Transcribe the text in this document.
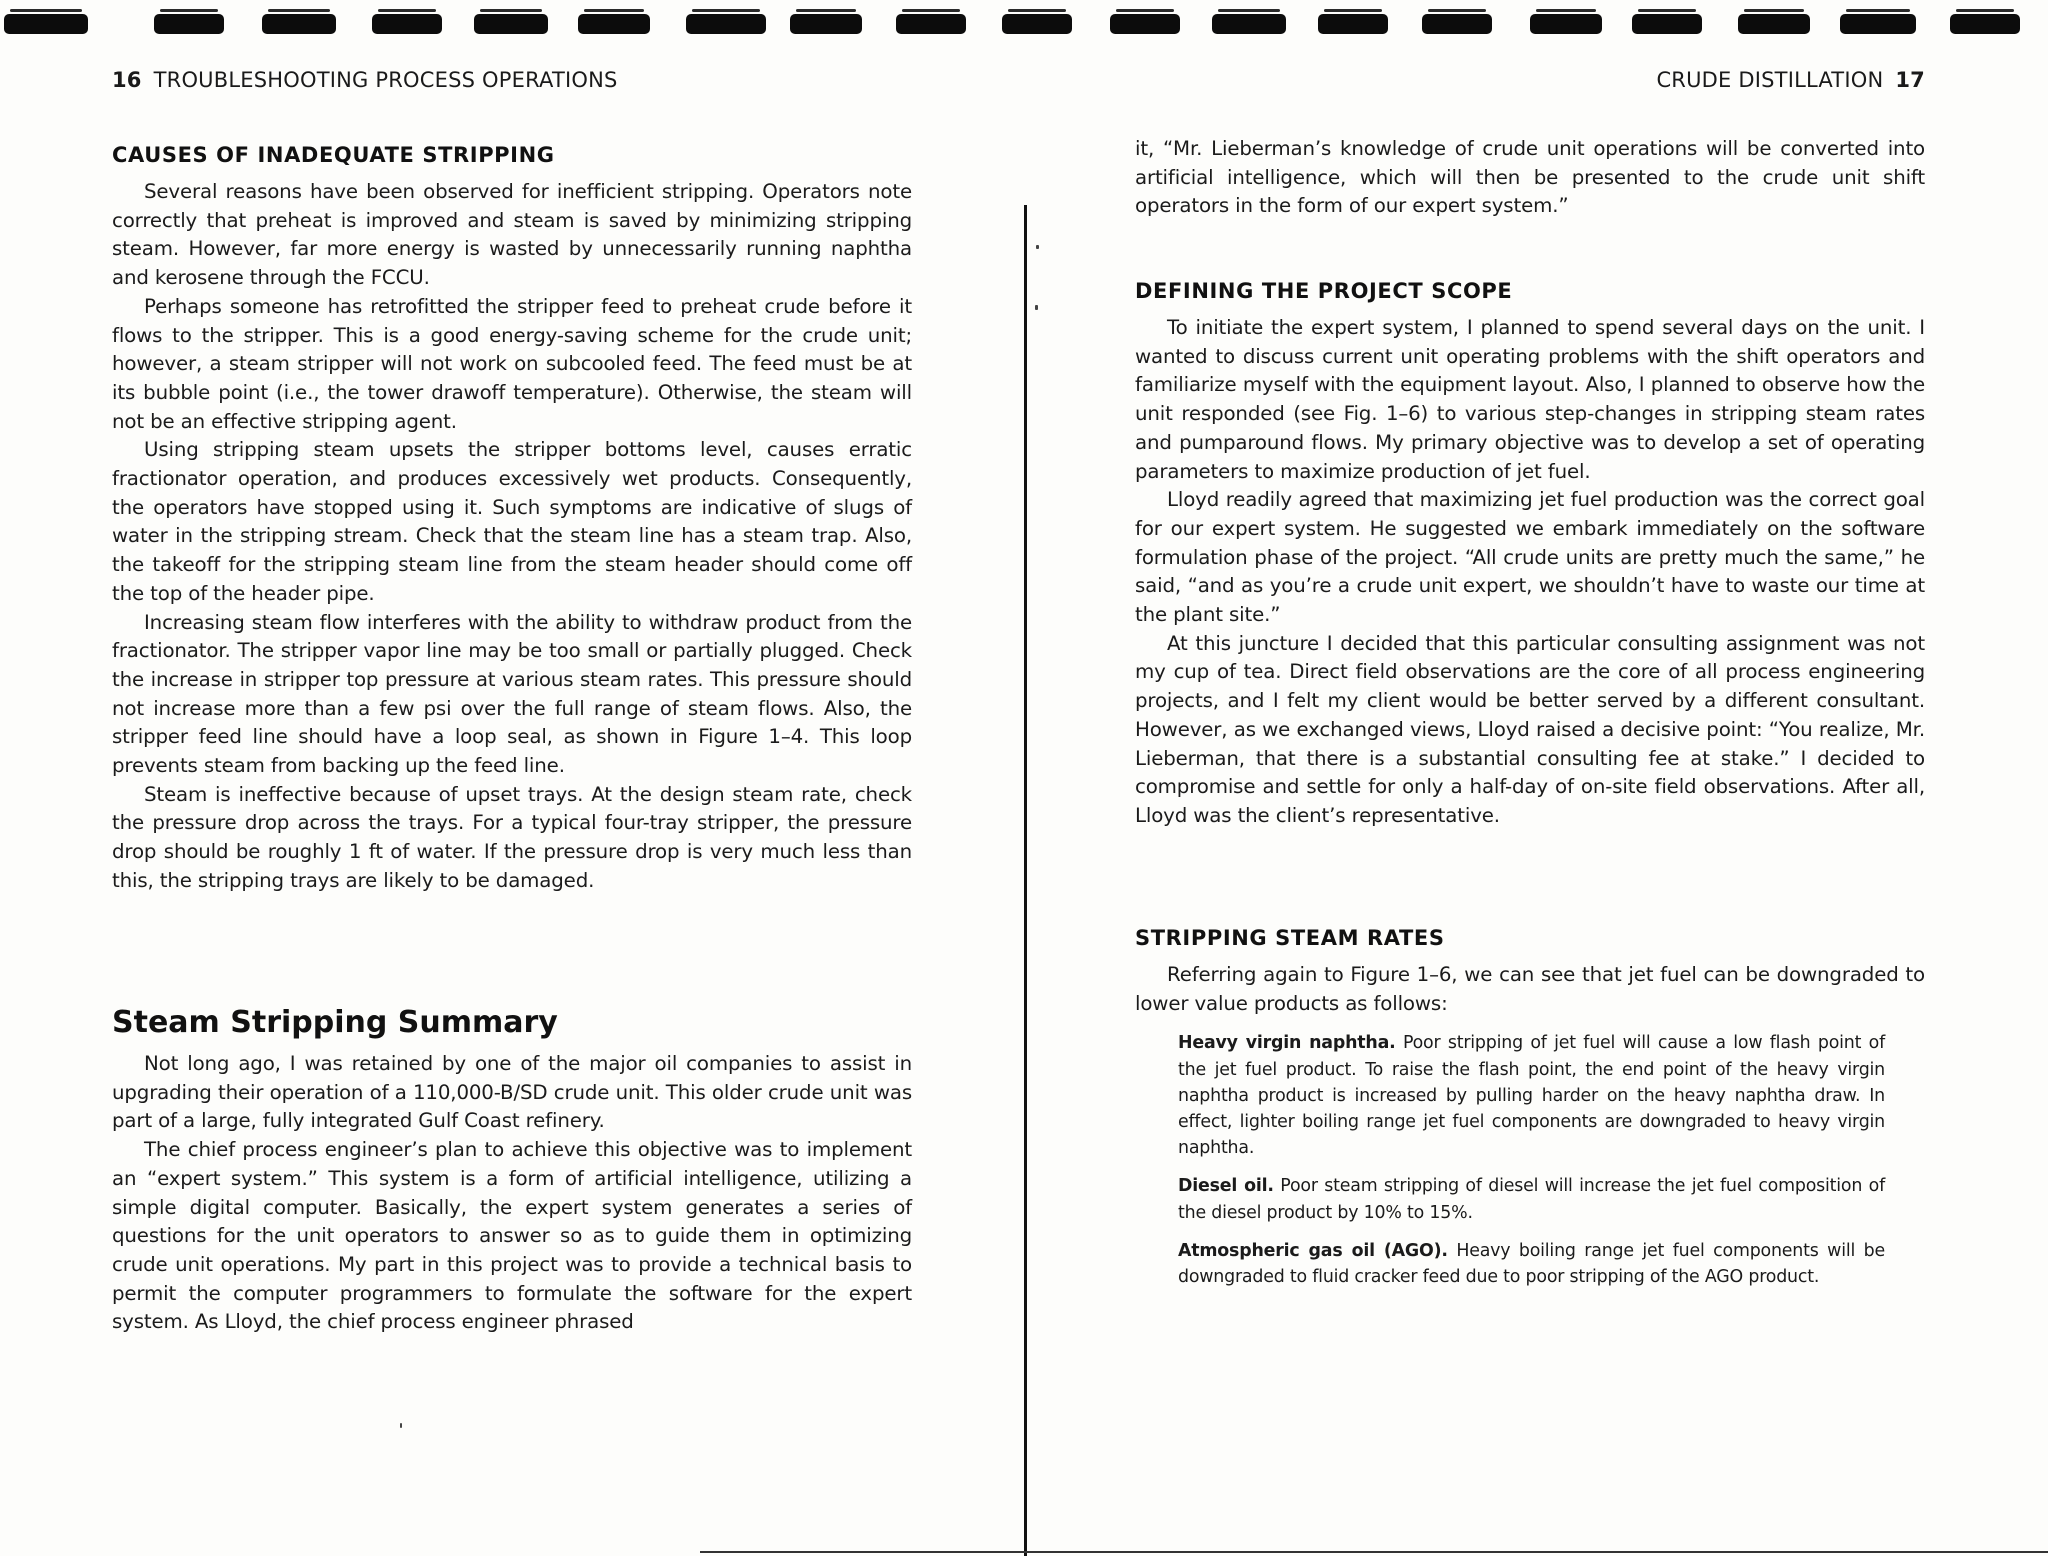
16 TROUBLESHOOTING PROCESS OPERATIONS
CAUSES OF INADEQUATE STRIPPING

Several reasons have been observed for inefficient stripping. Operators note correctly that preheat is improved and steam is saved by minimizing stripping steam. However, far more energy is wasted by unnecessarily running naphtha and kerosene through the FCCU.

Perhaps someone has retrofitted the stripper feed to preheat crude before it flows to the stripper. This is a good energy-saving scheme for the crude unit; however, a steam stripper will not work on subcooled feed. The feed must be at its bubble point (i.e., the tower drawoff temperature). Otherwise, the steam will not be an effective stripping agent.

Using stripping steam upsets the stripper bottoms level, causes erratic fractionator operation, and produces excessively wet products. Consequently, the operators have stopped using it. Such symptoms are indicative of slugs of water in the stripping stream. Check that the steam line has a steam trap. Also, the takeoff for the stripping steam line from the steam header should come off the top of the header pipe.

Increasing steam flow interferes with the ability to withdraw product from the fractionator. The stripper vapor line may be too small or partially plugged. Check the increase in stripper top pressure at various steam rates. This pressure should not increase more than a few psi over the full range of steam flows. Also, the stripper feed line should have a loop seal, as shown in Figure 1–4. This loop prevents steam from backing up the feed line.

Steam is ineffective because of upset trays. At the design steam rate, check the pressure drop across the trays. For a typical four-tray stripper, the pressure drop should be roughly 1 ft of water. If the pressure drop is very much less than this, the stripping trays are likely to be damaged.

Steam Stripping Summary

Not long ago, I was retained by one of the major oil companies to assist in upgrading their operation of a 110,000-B/SD crude unit. This older crude unit was part of a large, fully integrated Gulf Coast refinery.

The chief process engineer’s plan to achieve this objective was to implement an “expert system.” This system is a form of artificial intelligence, utilizing a simple digital computer. Basically, the expert system generates a series of questions for the unit operators to answer so as to guide them in optimizing crude unit operations. My part in this project was to provide a technical basis to permit the computer programmers to formulate the software for the expert system. As Lloyd, the chief process engineer phrased

CRUDE DISTILLATION 17

it, “Mr. Lieberman’s knowledge of crude unit operations will be converted into artificial intelligence, which will then be presented to the crude unit shift operators in the form of our expert system.”

DEFINING THE PROJECT SCOPE

To initiate the expert system, I planned to spend several days on the unit. I wanted to discuss current unit operating problems with the shift operators and familiarize myself with the equipment layout. Also, I planned to observe how the unit responded (see Fig. 1–6) to various step-changes in stripping steam rates and pumparound flows. My primary objective was to develop a set of operating parameters to maximize production of jet fuel.

Lloyd readily agreed that maximizing jet fuel production was the correct goal for our expert system. He suggested we embark immediately on the software formulation phase of the project. “All crude units are pretty much the same,” he said, “and as you’re a crude unit expert, we shouldn’t have to waste our time at the plant site.”

At this juncture I decided that this particular consulting assignment was not my cup of tea. Direct field observations are the core of all process engineering projects, and I felt my client would be better served by a different consultant. However, as we exchanged views, Lloyd raised a decisive point: “You realize, Mr. Lieberman, that there is a substantial consulting fee at stake.” I decided to compromise and settle for only a half-day of on-site field observations. After all, Lloyd was the client’s representative.

STRIPPING STEAM RATES

Referring again to Figure 1–6, we can see that jet fuel can be downgraded to lower value products as follows:

Heavy virgin naphtha. Poor stripping of jet fuel will cause a low flash point of the jet fuel product. To raise the flash point, the end point of the heavy virgin naphtha product is increased by pulling harder on the heavy naphtha draw. In effect, lighter boiling range jet fuel components are downgraded to heavy virgin naphtha.

Diesel oil. Poor steam stripping of diesel will increase the jet fuel composition of the diesel product by 10% to 15%.

Atmospheric gas oil (AGO). Heavy boiling range jet fuel components will be downgraded to fluid cracker feed due to poor stripping of the AGO product.
